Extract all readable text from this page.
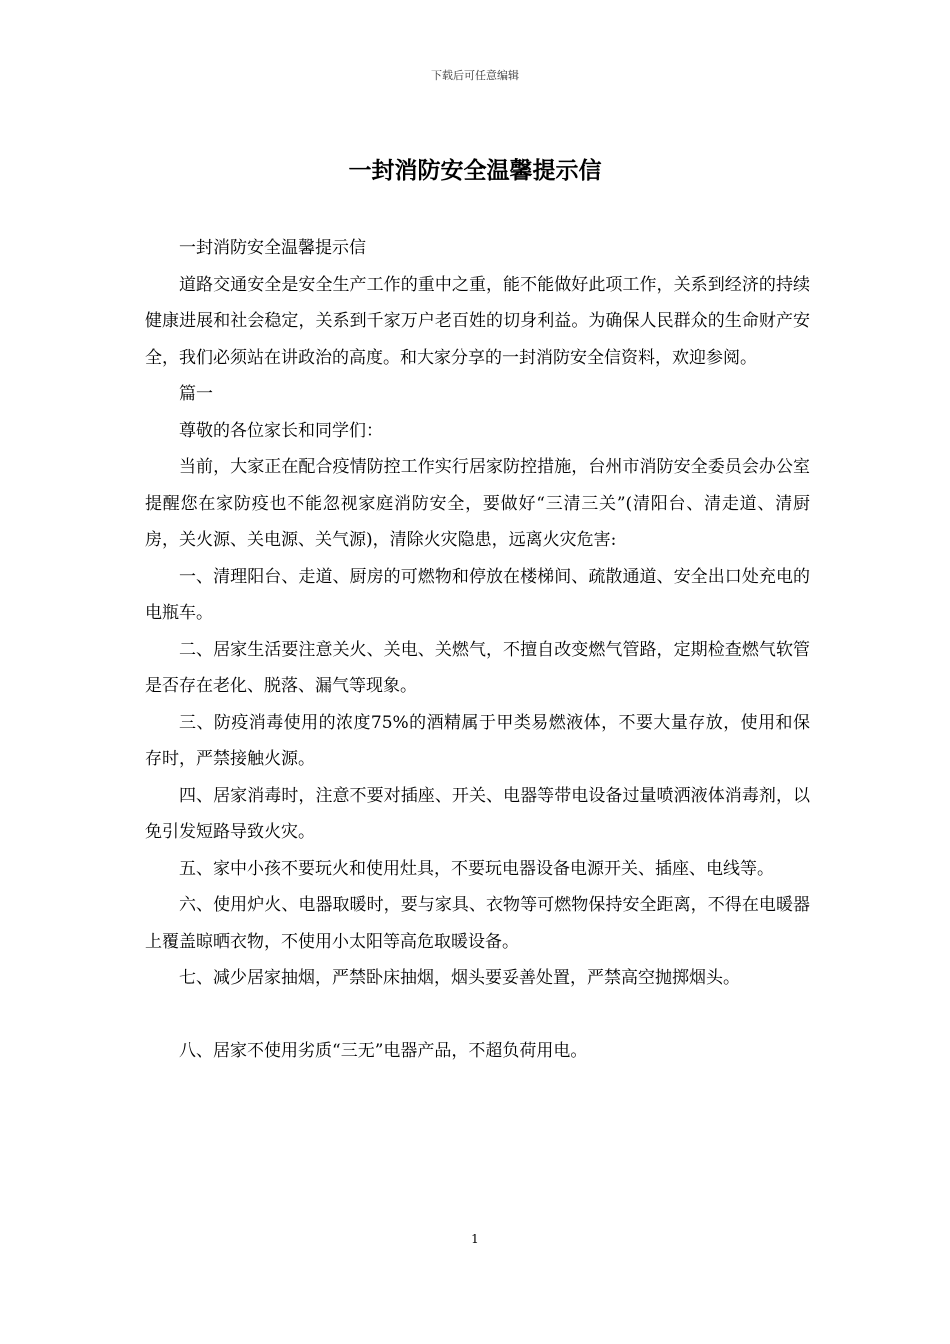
下载后可任意编辑
一封消防安全温馨提示信

一封消防安全温馨提示信

道路交通安全是安全生产工作的重中之重，能不能做好此项工作，关系到经济的持续健康进展和社会稳定，关系到千家万户老百姓的切身利益。为确保人民群众的生命财产安全，我们必须站在讲政治的高度。和大家分享的一封消防安全信资料，欢迎参阅。

篇一

尊敬的各位家长和同学们：

当前，大家正在配合疫情防控工作实行居家防控措施，台州市消防安全委员会办公室提醒您在家防疫也不能忽视家庭消防安全，要做好“三清三关”(清阳台、清走道、清厨房，关火源、关电源、关气源)，清除火灾隐患，远离火灾危害:

一、清理阳台、走道、厨房的可燃物和停放在楼梯间、疏散通道、安全出口处充电的电瓶车。

二、居家生活要注意关火、关电、关燃气，不擅自改变燃气管路，定期检查燃气软管是否存在老化、脱落、漏气等现象。

三、防疫消毒使用的浓度75%的酒精属于甲类易燃液体，不要大量存放，使用和保存时，严禁接触火源。

四、居家消毒时，注意不要对插座、开关、电器等带电设备过量喷洒液体消毒剂，以免引发短路导致火灾。

五、家中小孩不要玩火和使用灶具，不要玩电器设备电源开关、插座、电线等。

六、使用炉火、电器取暖时，要与家具、衣物等可燃物保持安全距离，不得在电暖器上覆盖晾晒衣物，不使用小太阳等高危取暖设备。

七、减少居家抽烟，严禁卧床抽烟，烟头要妥善处置，严禁高空抛掷烟头。

八、居家不使用劣质“三无”电器产品，不超负荷用电。

1
